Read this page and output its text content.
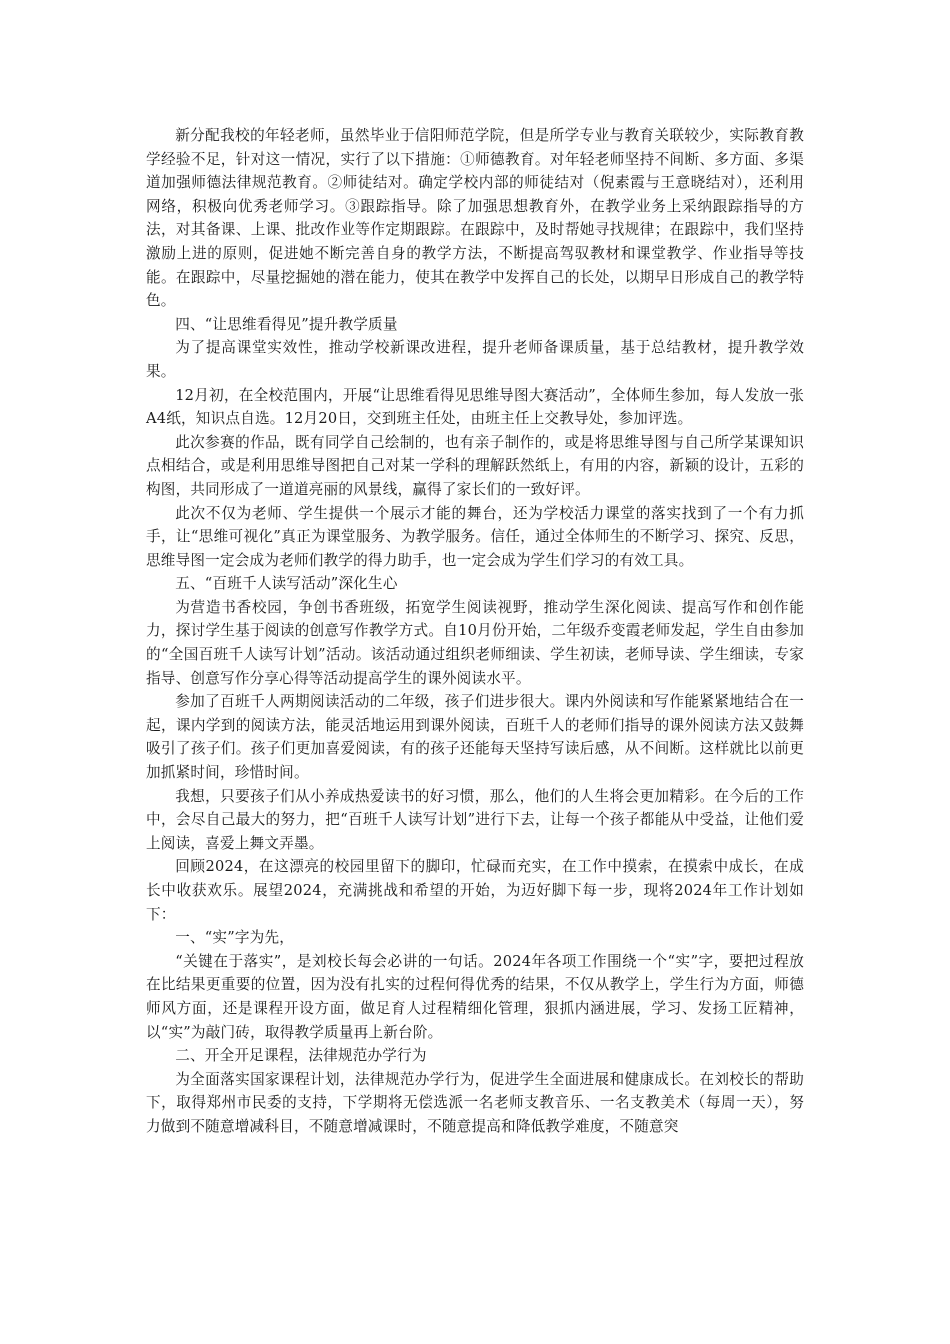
新分配我校的年轻老师，虽然毕业于信阳师范学院，但是所学专业与教育关联较少，实际教育教学经验不足，针对这一情况，实行了以下措施：①师德教育。对年轻老师坚持不间断、多方面、多渠道加强师德法律规范教育。②师徒结对。确定学校内部的师徒结对（倪素霞与王意晓结对），还利用网络，积极向优秀老师学习。③跟踪指导。除了加强思想教育外，在教学业务上采纳跟踪指导的方法，对其备课、上课、批改作业等作定期跟踪。在跟踪中，及时帮她寻找规律；在跟踪中，我们坚持激励上进的原则，促进她不断完善自身的教学方法，不断提高驾驭教材和课堂教学、作业指导等技能。在跟踪中，尽量挖掘她的潜在能力，使其在教学中发挥自己的长处，以期早日形成自己的教学特色。

四、“让思维看得见”提升教学质量

为了提高课堂实效性，推动学校新课改进程，提升老师备课质量，基于总结教材，提升教学效果。

12月初，在全校范围内，开展“让思维看得见思维导图大赛活动”，全体师生参加，每人发放一张A4纸，知识点自选。12月20日，交到班主任处，由班主任上交教导处，参加评选。

此次参赛的作品，既有同学自己绘制的，也有亲子制作的，或是将思维导图与自己所学某课知识点相结合，或是利用思维导图把自己对某一学科的理解跃然纸上，有用的内容，新颖的设计，五彩的构图，共同形成了一道道亮丽的风景线，赢得了家长们的一致好评。

此次不仅为老师、学生提供一个展示才能的舞台，还为学校活力课堂的落实找到了一个有力抓手，让“思维可视化”真正为课堂服务、为教学服务。信任，通过全体师生的不断学习、探究、反思，思维导图一定会成为老师们教学的得力助手，也一定会成为学生们学习的有效工具。

五、“百班千人读写活动”深化生心

为营造书香校园，争创书香班级，拓宽学生阅读视野，推动学生深化阅读、提高写作和创作能力，探讨学生基于阅读的创意写作教学方式。自10月份开始，二年级乔变霞老师发起，学生自由参加的“全国百班千人读写计划”活动。该活动通过组织老师细读、学生初读，老师导读、学生细读，专家指导、创意写作分享心得等活动提高学生的课外阅读水平。

参加了百班千人两期阅读活动的二年级，孩子们进步很大。课内外阅读和写作能紧紧地结合在一起，课内学到的阅读方法，能灵活地运用到课外阅读，百班千人的老师们指导的课外阅读方法又鼓舞吸引了孩子们。孩子们更加喜爱阅读，有的孩子还能每天坚持写读后感，从不间断。这样就比以前更加抓紧时间，珍惜时间。

我想，只要孩子们从小养成热爱读书的好习惯，那么，他们的人生将会更加精彩。在今后的工作中，会尽自己最大的努力，把“百班千人读写计划”进行下去，让每一个孩子都能从中受益，让他们爱上阅读，喜爱上舞文弄墨。

回顾2024，在这漂亮的校园里留下的脚印，忙碌而充实，在工作中摸索，在摸索中成长，在成长中收获欢乐。展望2024，充满挑战和希望的开始，为迈好脚下每一步，现将2024年工作计划如下：

一、“实”字为先，

“关键在于落实”，是刘校长每会必讲的一句话。2024年各项工作围绕一个“实”字，要把过程放在比结果更重要的位置，因为没有扎实的过程何得优秀的结果，不仅从教学上，学生行为方面，师德师风方面，还是课程开设方面，做足育人过程精细化管理，狠抓内涵进展，学习、发扬工匠精神，以“实”为敲门砖，取得教学质量再上新台阶。

二、开全开足课程，法律规范办学行为

为全面落实国家课程计划，法律规范办学行为，促进学生全面进展和健康成长。在刘校长的帮助下，取得郑州市民委的支持，下学期将无偿选派一名老师支教音乐、一名支教美术（每周一天），努力做到不随意增减科目，不随意增减课时，不随意提高和降低教学难度，不随意突
